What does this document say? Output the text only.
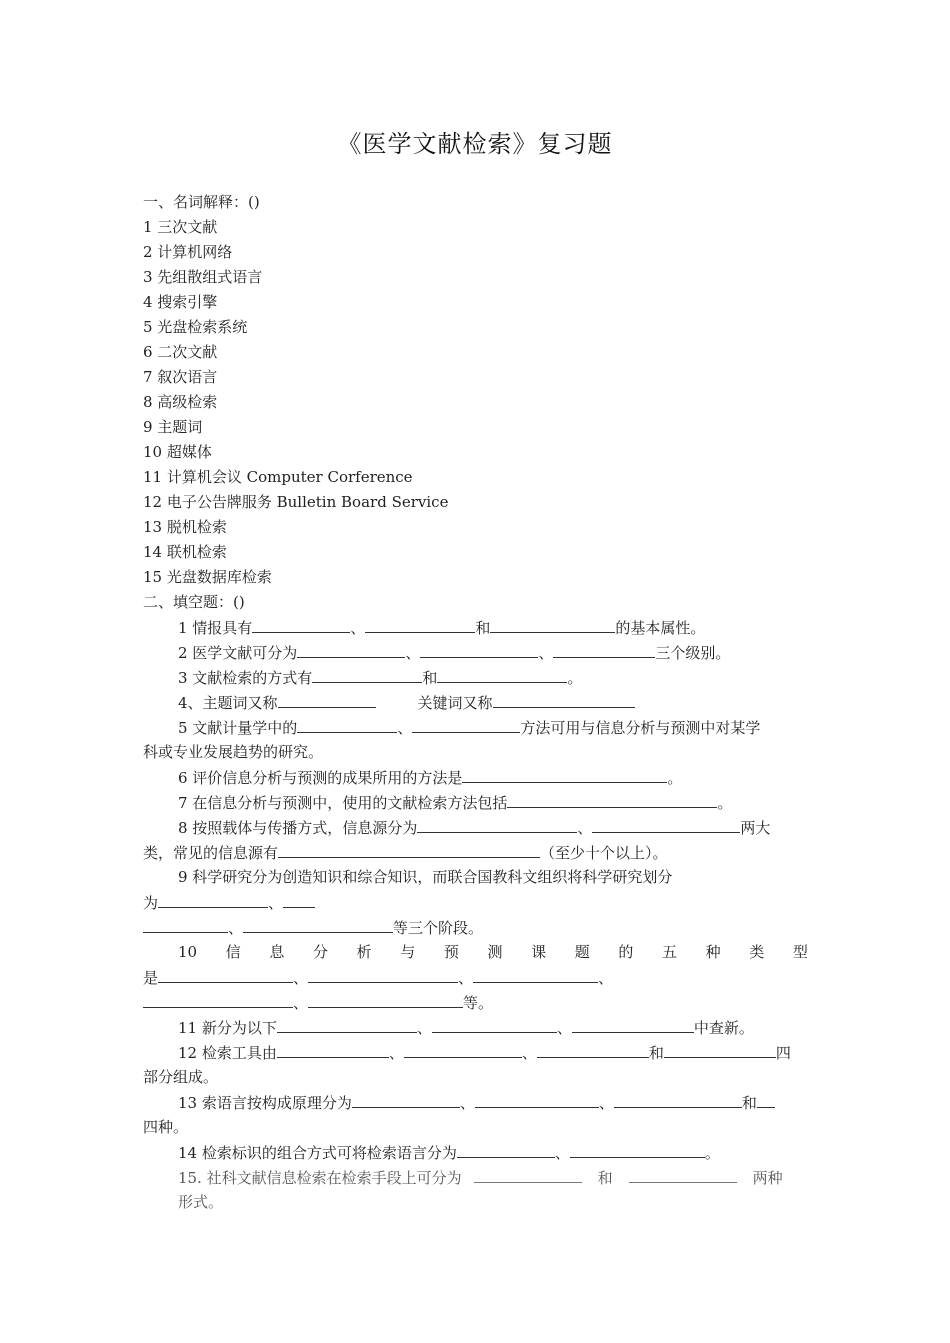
《医学文献检索》复习题
一、名词解释：()
1 三次文献
2 计算机网络
3 先组散组式语言
4 搜索引擎
5 光盘检索系统
6 二次文献
7 叙次语言
8 高级检索
9 主题词
10 超媒体
11 计算机会议 Computer Corference
12 电子公告牌服务 Bulletin Board Service
13 脱机检索
14 联机检索
15 光盘数据库检索
二、填空题：()
1 情报具有	、	和	的基本属性。
2 医学文献可分为	、	、	三个级别。
3 文献检索的方式有	和	。
4、主题词又称	关键词又称
5 文献计量学中的	、	方法可用与信息分析与预测中对某学
科或专业发展趋势的研究。
6 评价信息分析与预测的成果所用的方法是	。
7 在信息分析与预测中，使用的文献检索方法包括	。
8 按照载体与传播方式，信息源分为	、	两大
类，常见的信息源有	（至少十个以上）。
9 科学研究分为创造知识和综合知识，而联合国教科文组织将科学研究划分
为	、
、	等三个阶段。
10 信 息 分 析 与 预 测 课 题 的 五 种 类 型
是	、	、	、
、	等。
11 新分为以下	、	、	中查新。
12 检索工具由	、	、	和	四
部分组成。
13 索语言按构成原理分为	、	、	和
四种。
14 检索标识的组合方式可将检索语言分为	、	。
15. 社科文献信息检索在检索手段上可分为	和	两种
形式。
